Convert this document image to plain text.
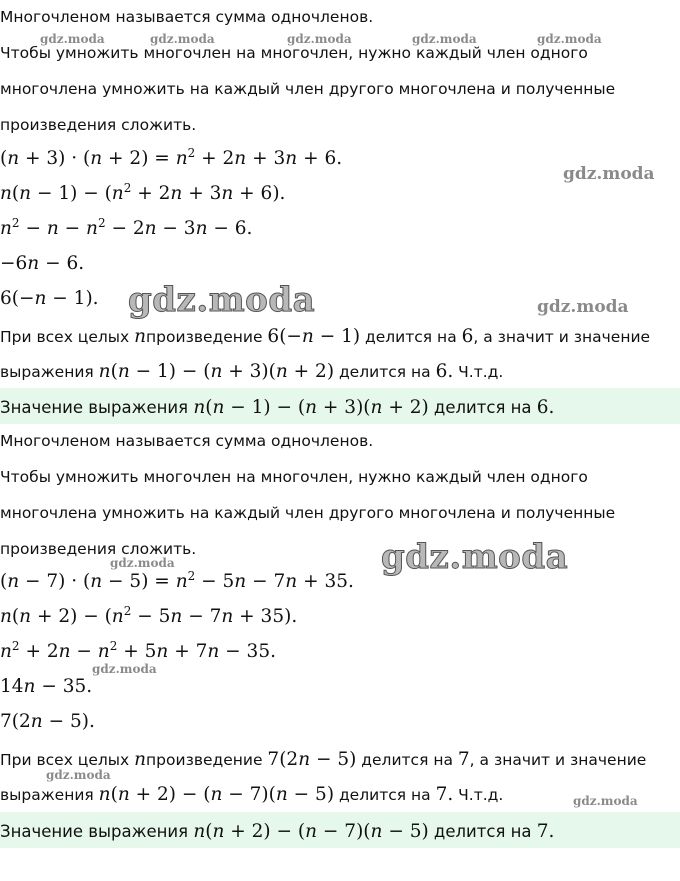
Многочленом называется сумма одночленов.
Чтобы умножить многочлен на многочлен, нужно каждый член одного
многочлена умножить на каждый член другого многочлена и полученные
произведения сложить.
$(n + 3) \cdot (n + 2) = n^2 + 2n + 3n + 6$.
$n(n - 1) - (n^2 + 2n + 3n + 6)$.
$n^2 - n - n^2 - 2n - 3n - 6$.
−6n − 6.
6(−n − 1).
При всех целых nпроизведение 6(−n − 1) делится на 6, а значит и значение
выражения n(n − 1) − (n + 3)(n + 2) делится на 6. Ч.т.д.
Значение выражения n(n − 1) − (n + 3)(n + 2) делится на 6.
Многочленом называется сумма одночленов.
Чтобы умножить многочлен на многочлен, нужно каждый член одного
многочлена умножить на каждый член другого многочлена и полученные
произведения сложить.
$(n - 7) \cdot (n - 5) = n^2 - 5n - 7n + 35$.
$n(n + 2) - (n^2 - 5n - 7n + 35)$.
$n^2 + 2n - n^2 + 5n + 7n - 35$.
14n − 35.
7(2n − 5).
При всех целых nпроизведение 7(2n − 5) делится на 7, а значит и значение
выражения n(n + 2) − (n − 7)(n − 5) делится на 7. Ч.т.д.
Значение выражения n(n + 2) − (n − 7)(n − 5) делится на 7.
gdz.moda	gdz.moda	gdz.moda	gdz.moda	gdz.moda
gdz.moda
gdz.moda	gdz.moda
gdz.moda
gdz.moda
gdz.moda
gdz.moda
gdz.moda
